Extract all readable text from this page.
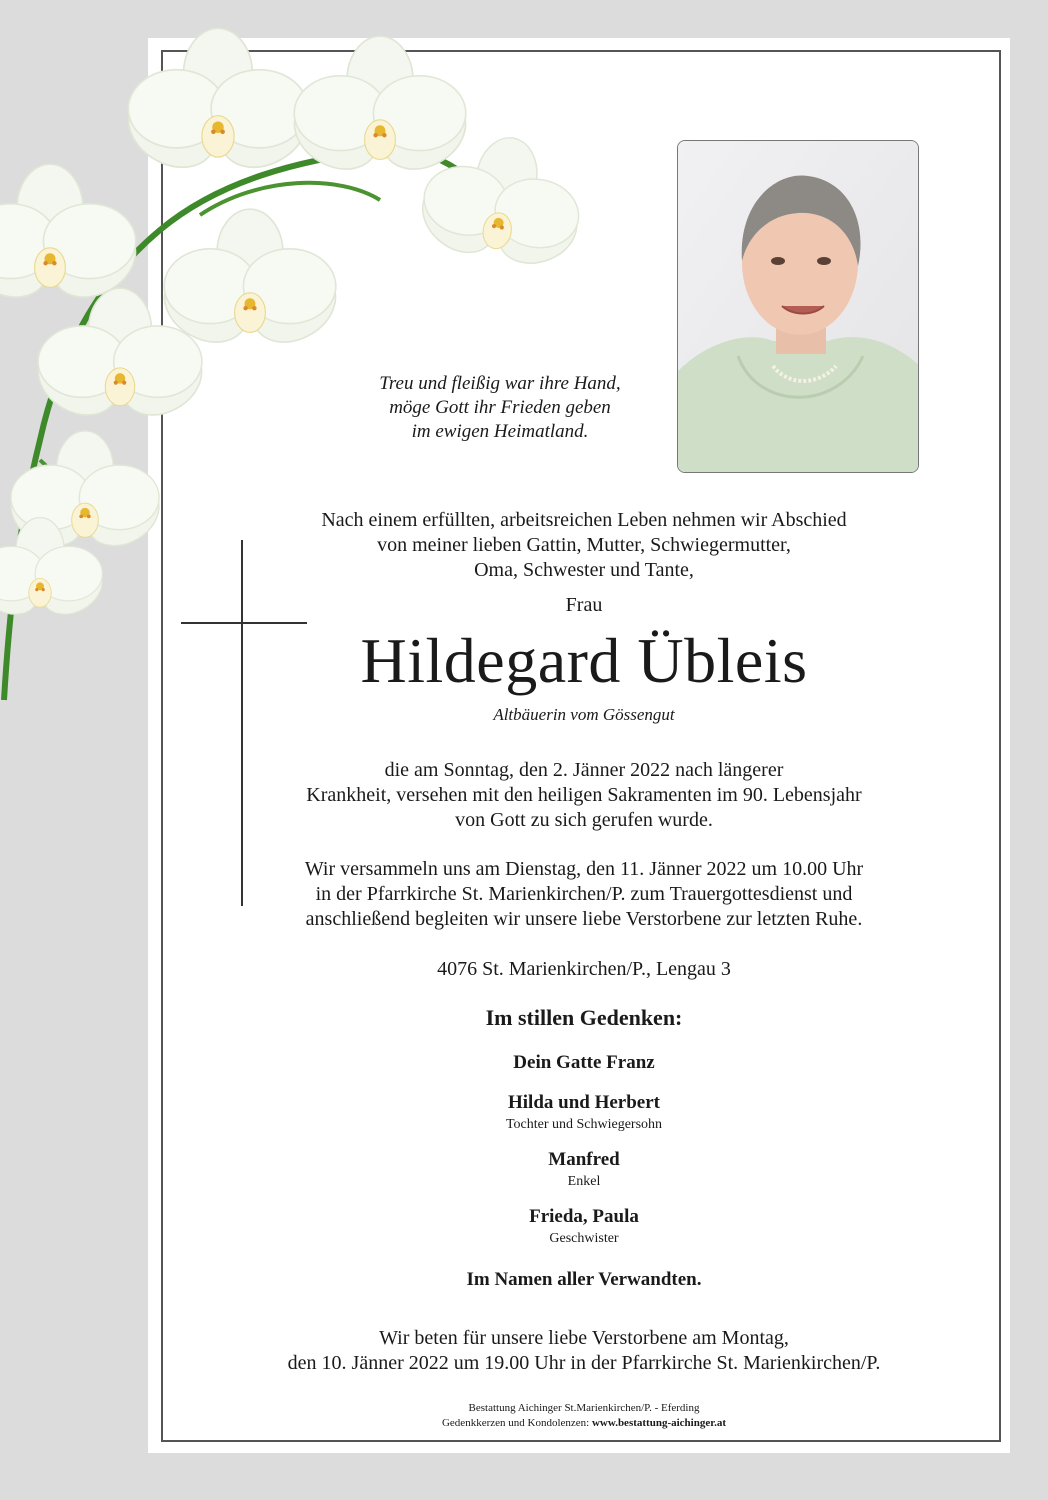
Treu und fleißig war ihre Hand,
möge Gott ihr Frieden geben
im ewigen Heimatland.
Nach einem erfüllten, arbeitsreichen Leben nehmen wir Abschied
von meiner lieben Gattin, Mutter, Schwiegermutter,
Oma, Schwester und Tante,
Frau
Hildegard Übleis
Altbäuerin vom Gössengut
die am Sonntag, den 2. Jänner 2022 nach längerer
Krankheit, versehen mit den heiligen Sakramenten im 90. Lebensjahr
von Gott zu sich gerufen wurde.
Wir versammeln uns am Dienstag, den 11. Jänner 2022 um 10.00 Uhr
in der Pfarrkirche St. Marienkirchen/P. zum Trauergottesdienst und
anschließend begleiten wir unsere liebe Verstorbene zur letzten Ruhe.
4076 St. Marienkirchen/P., Lengau 3
Im stillen Gedenken:
Dein Gatte Franz
Hilda und Herbert
Tochter und Schwiegersohn
Manfred
Enkel
Frieda, Paula
Geschwister
Im Namen aller Verwandten.
Wir beten für unsere liebe Verstorbene am Montag,
den 10. Jänner 2022 um 19.00 Uhr in der Pfarrkirche St. Marienkirchen/P.
Bestattung Aichinger St.Marienkirchen/P. - Eferding
Gedenkkerzen und Kondolenzen: www.bestattung-aichinger.at
